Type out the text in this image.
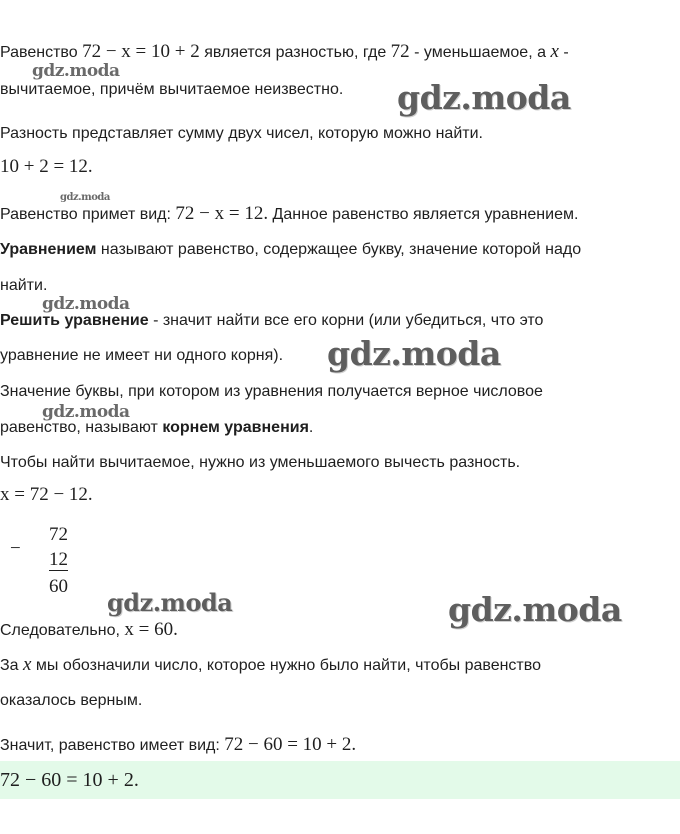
Равенство 72 − x = 10 + 2 является разностью, где 72 - уменьшаемое, а x -
gdz.moda
вычитаемое, причём вычитаемое неизвестно. gdz.moda
Разность представляет сумму двух чисел, которую можно найти.
10 + 2 = 12.
gdz.moda
Равенство примет вид: 72 − x = 12. Данное равенство является уравнением.
Уравнением называют равенство, содержащее букву, значение которой надо
найти.
gdz.moda
Решить уравнение - значит найти все его корни (или убедиться, что это
уравнение не имеет ни одного корня). gdz.moda
Значение буквы, при котором из уравнения получается верное числовое
gdz.moda
равенство, называют корнем уравнения.
Чтобы найти вычитаемое, нужно из уменьшаемого вычесть разность.
x = 72 − 12.
−
72
12
60
gdz.moda	gdz.moda
Следовательно, x = 60.
За x мы обозначили число, которое нужно было найти, чтобы равенство
оказалось верным.
Значит, равенство имеет вид: 72 − 60 = 10 + 2.
72 − 60 = 10 + 2.
